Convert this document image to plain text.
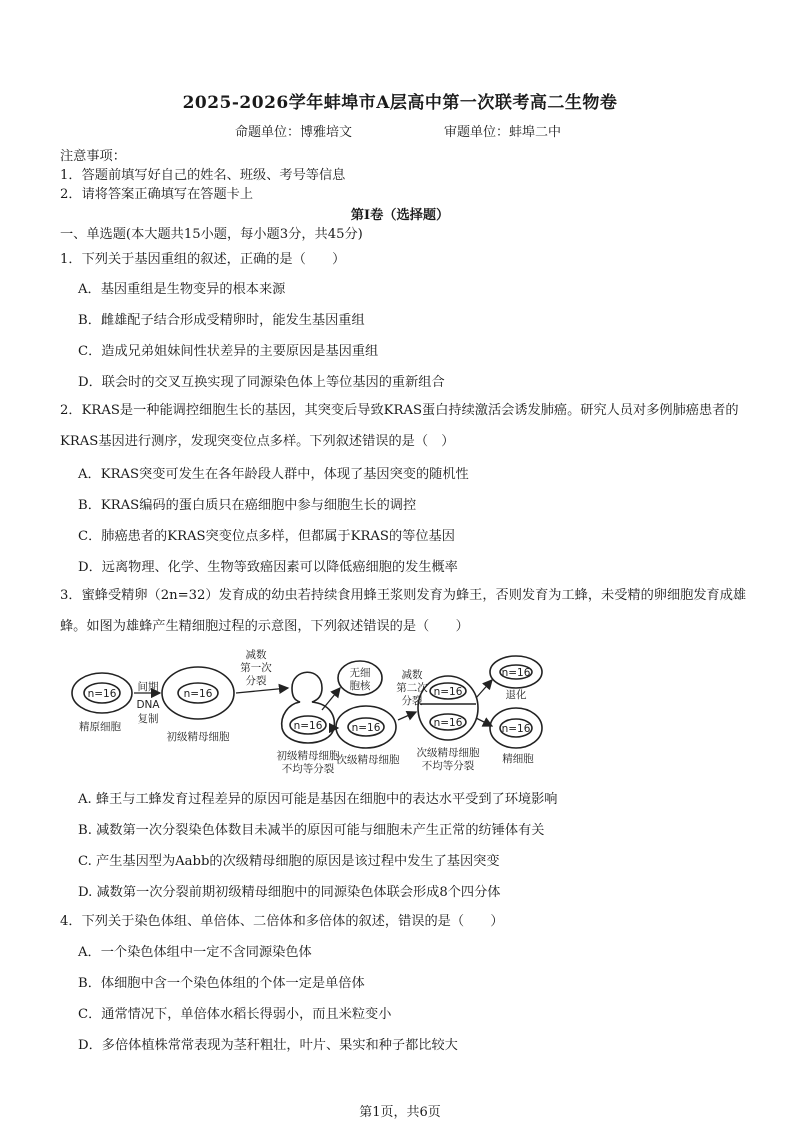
2025-2026学年蚌埠市A层高中第一次联考高二生物卷
命题单位：博雅培文	审题单位：蚌埠二中
注意事项：
1．答题前填写好自己的姓名、班级、考号等信息
2．请将答案正确填写在答题卡上
第I卷（选择题）
一、单选题(本大题共15小题，每小题3分，共45分)
1．下列关于基因重组的叙述，正确的是（　　）
A．基因重组是生物变异的根本来源
B．雌雄配子结合形成受精卵时，能发生基因重组
C．造成兄弟姐妹间性状差异的主要原因是基因重组
D．联会时的交叉互换实现了同源染色体上等位基因的重新组合
2．KRAS是一种能调控细胞生长的基因，其突变后导致KRAS蛋白持续激活会诱发肺癌。研究人员对多例肺癌患者的KRAS基因进行测序，发现突变位点多样。下列叙述错误的是（　）
A．KRAS突变可发生在各年龄段人群中，体现了基因突变的随机性
B．KRAS编码的蛋白质只在癌细胞中参与细胞生长的调控
C．肺癌患者的KRAS突变位点多样，但都属于KRAS的等位基因
D．远离物理、化学、生物等致癌因素可以降低癌细胞的发生概率
3．蜜蜂受精卵（2n=32）发育成的幼虫若持续食用蜂王浆则发育为蜂王，否则发育为工蜂，未受精的卵细胞发育成雄蜂。如图为雄蜂产生精细胞过程的示意图，下列叙述错误的是（　　）
n=16	n=16
n=16	n=16
n=16
n=16
n=16
n=16
间期
DNA
复制
减数
第一次
分裂	减数
第二次
分裂
无细
胞核
退化
精原细胞
初级精母细胞
初级精母细胞
不均等分裂
次级精母细胞
次级精母细胞
不均等分裂
精细胞
A. 蜂王与工蜂发育过程差异的原因可能是基因在细胞中的表达水平受到了环境影响
B. 减数第一次分裂染色体数目未减半的原因可能与细胞未产生正常的纺锤体有关
C. 产生基因型为Aabb的次级精母细胞的原因是该过程中发生了基因突变
D. 减数第一次分裂前期初级精母细胞中的同源染色体联会形成8个四分体
4．下列关于染色体组、单倍体、二倍体和多倍体的叙述，错误的是（　　）
A．一个染色体组中一定不含同源染色体
B．体细胞中含一个染色体组的个体一定是单倍体
C．通常情况下，单倍体水稻长得弱小，而且米粒变小
D．多倍体植株常常表现为茎秆粗壮，叶片、果实和种子都比较大
第1页，共6页
